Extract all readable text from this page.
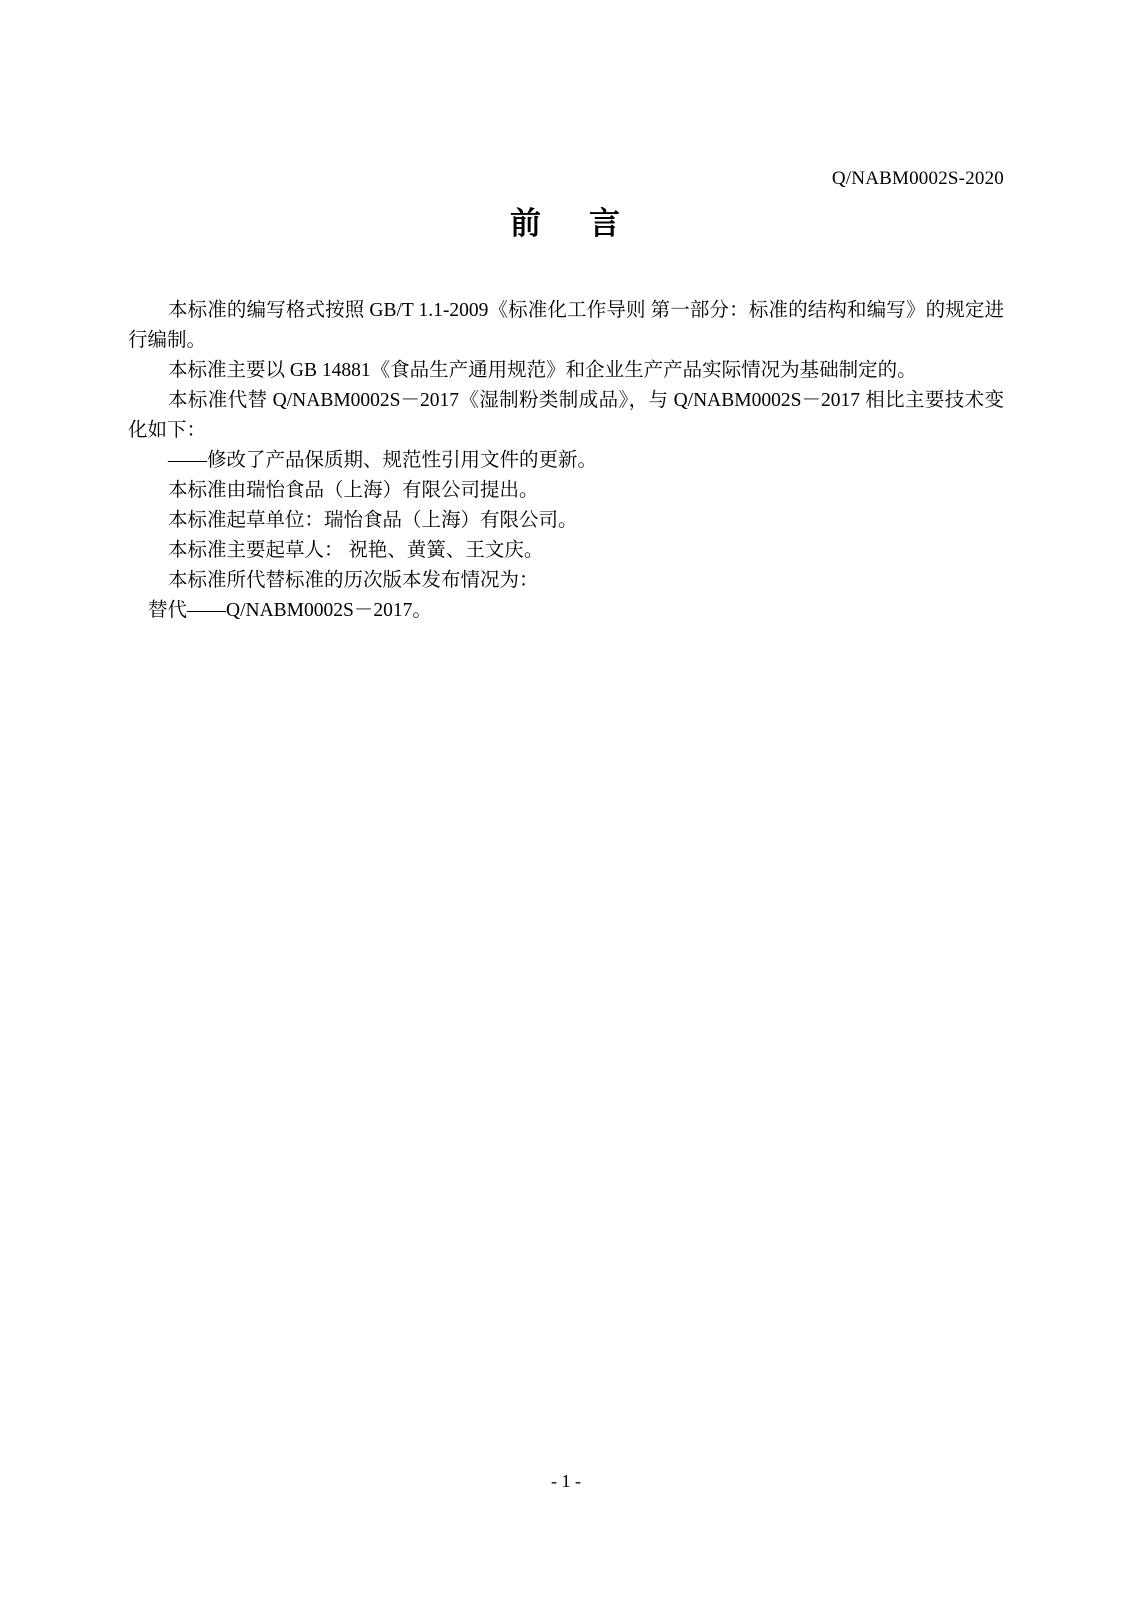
Q/NABM0002S-2020
前 言

本标准的编写格式按照 GB/T 1.1-2009《标准化工作导则 第一部分：标准的结构和编写》的规定进行编制。

本标准主要以 GB 14881《食品生产通用规范》和企业生产产品实际情况为基础制定的。

本标准代替 Q/NABM0002S－2017《湿制粉类制成品》，与 Q/NABM0002S－2017 相比主要技术变化如下：

——修改了产品保质期、规范性引用文件的更新。

本标准由瑞怡食品（上海）有限公司提出。

本标准起草单位：瑞怡食品（上海）有限公司。

本标准主要起草人： 祝艳、黄簧、王文庆。

本标准所代替标准的历次版本发布情况为：

替代——Q/NABM0002S－2017。

- 1 -
